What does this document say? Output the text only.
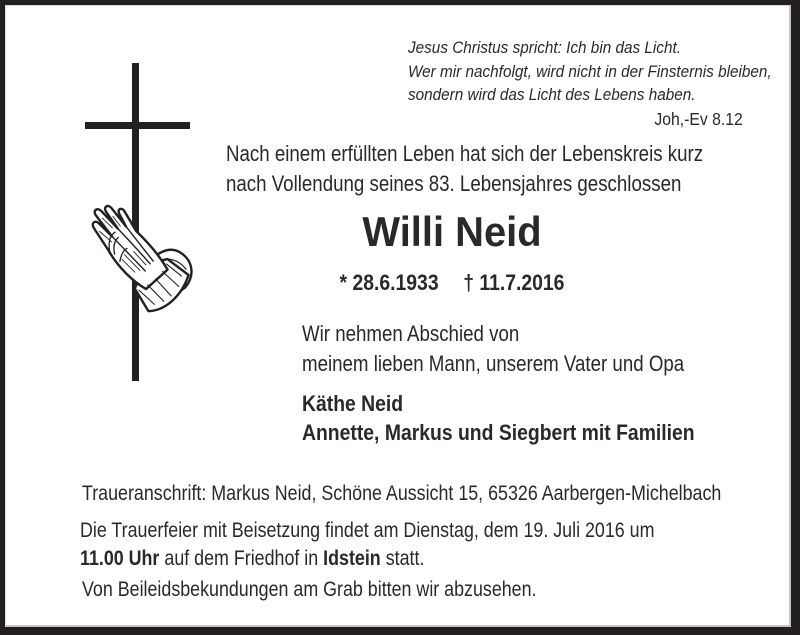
Jesus Christus spricht: Ich bin das Licht.
Wer mir nachfolgt, wird nicht in der Finsternis bleiben,
sondern wird das Licht des Lebens haben.
Joh,-Ev 8.12
Nach einem erfüllten Leben hat sich der Lebenskreis kurz
nach Vollendung seines 83. Lebensjahres geschlossen
Willi Neid
* 28.6.1933 † 11.7.2016
Wir nehmen Abschied von
meinem lieben Mann, unserem Vater und Opa
Käthe Neid
Annette, Markus und Siegbert mit Familien
Traueranschrift: Markus Neid, Schöne Aussicht 15, 65326 Aarbergen-Michelbach
Die Trauerfeier mit Beisetzung findet am Dienstag, dem 19. Juli 2016 um
11.00 Uhr auf dem Friedhof in Idstein statt.
Von Beileidsbekundungen am Grab bitten wir abzusehen.
